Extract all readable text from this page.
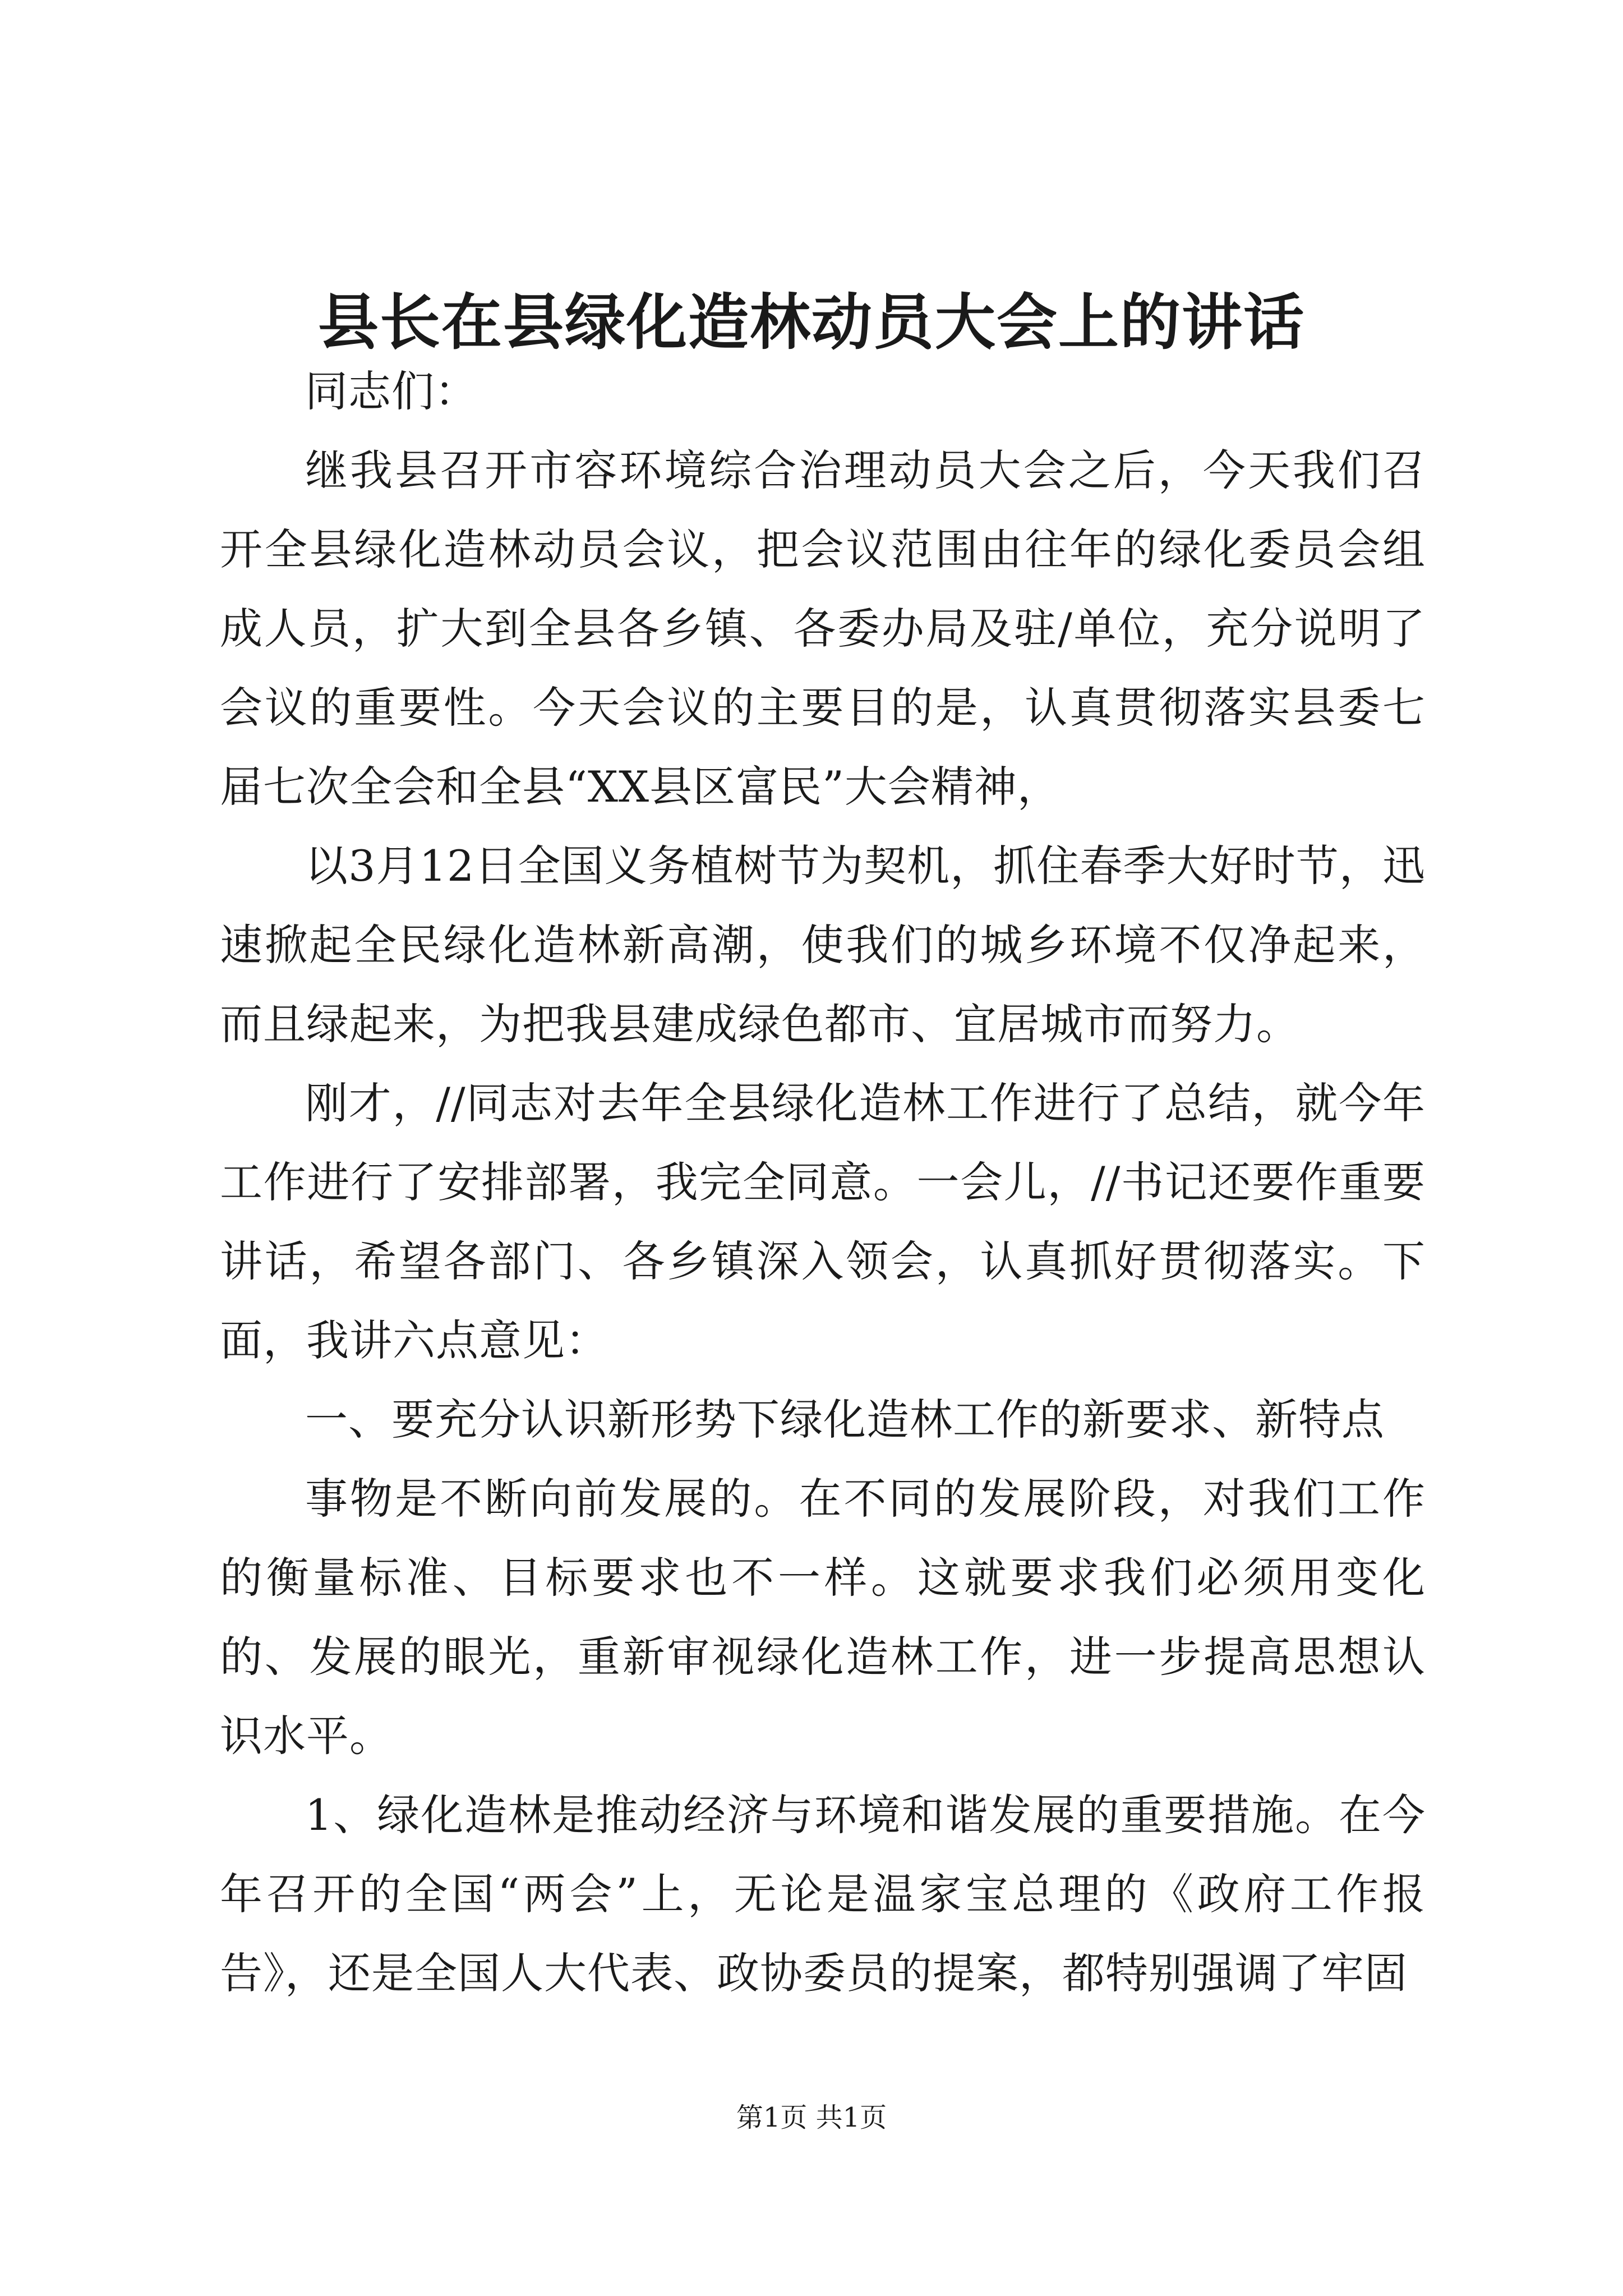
县长在县绿化造林动员大会上的讲话

同志们：

继我县召开市容环境综合治理动员大会之后，今天我们召开全县绿化造林动员会议，把会议范围由往年的绿化委员会组成人员，扩大到全县各乡镇、各委办局及驻/单位，充分说明了会议的重要性。今天会议的主要目的是，认真贯彻落实县委七届七次全会和全县“XX县区富民”大会精神，

以3月12日全国义务植树节为契机，抓住春季大好时节，迅速掀起全民绿化造林新高潮，使我们的城乡环境不仅净起来，而且绿起来，为把我县建成绿色都市、宜居城市而努力。

刚才，//同志对去年全县绿化造林工作进行了总结，就今年工作进行了安排部署，我完全同意。一会儿，//书记还要作重要讲话，希望各部门、各乡镇深入领会，认真抓好贯彻落实。下面，我讲六点意见：

一、要充分认识新形势下绿化造林工作的新要求、新特点

事物是不断向前发展的。在不同的发展阶段，对我们工作的衡量标准、目标要求也不一样。这就要求我们必须用变化的、发展的眼光，重新审视绿化造林工作，进一步提高思想认识水平。

1、绿化造林是推动经济与环境和谐发展的重要措施。在今年召开的全国“两会”上，无论是温家宝总理的《政府工作报告》，还是全国人大代表、政协委员的提案，都特别强调了牢固

第1页 共1页
